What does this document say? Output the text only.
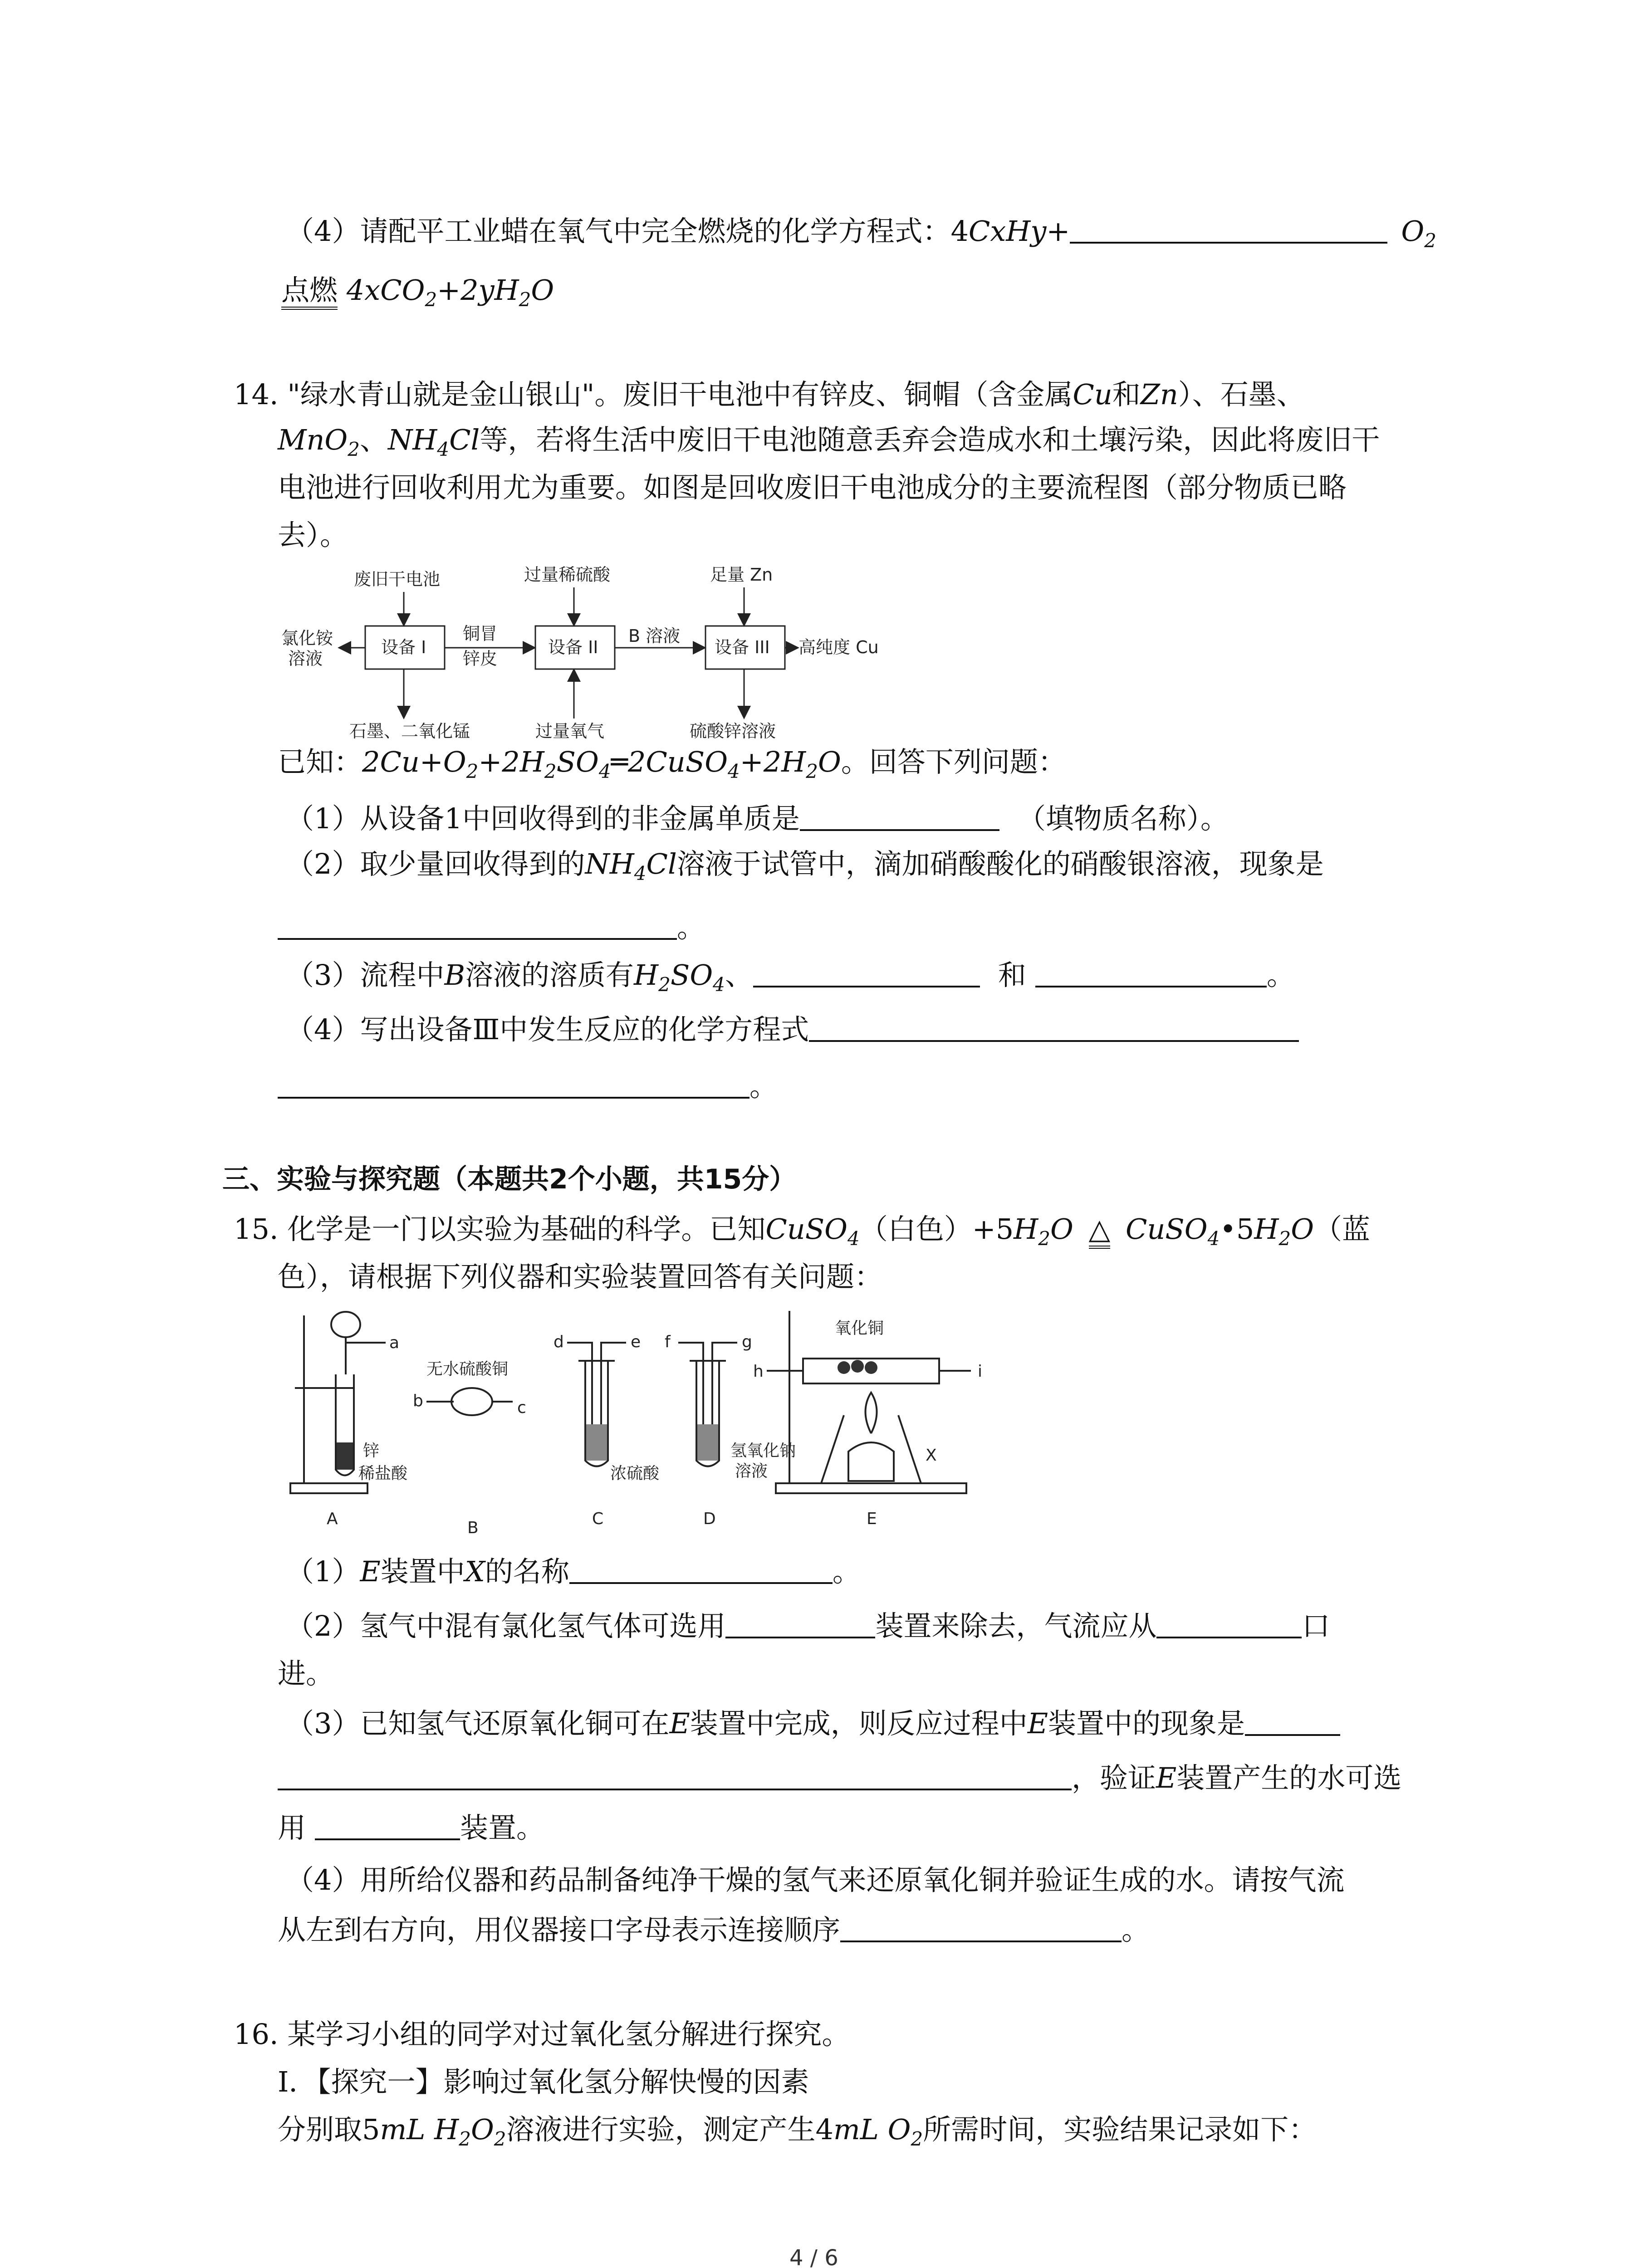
（4）请配平工业蜡在氧气中完全燃烧的化学方程式：4CxHy+	$O_2$
点燃 $4xCO_2+2yH_2O$
14. "绿水青山就是金山银山"。废旧干电池中有锌皮、铜帽（含金属Cu和Zn）、石墨、
MnO$_2$、$NH_4Cl$等，若将生活中废旧干电池随意丢弃会造成水和土壤污染，因此将废旧干
电池进行回收利用尤为重要。如图是回收废旧干电池成分的主要流程图（部分物质已略
去）。
废旧干电池	过量稀硫酸	足量 Zn
氯化铵
溶液
铜冒
锌皮
B 溶液
高纯度 Cu
石墨、二氧化锰	过量氧气	硫酸锌溶液
设备 I	设备 II	设备 III
已知：$2Cu+O_2+2H_2SO_4═2CuSO_4+2H_2O$。回答下列问题：
（1）从设备1中回收得到的非金属单质是	（填物质名称）。
（2）取少量回收得到的$NH_4Cl$溶液于试管中，滴加硝酸酸化的硝酸银溶液，现象是
。
（3）流程中B溶液的溶质有$H_2SO_4$、	和	。
（4）写出设备Ⅲ中发生反应的化学方程式
。
三、实验与探究题（本题共2个小题，共15分）
15. 化学是一门以实验为基础的科学。已知CuSO$_4$（白色）$+5H_2O$ △ $CuSO_4•5H_2O$（蓝
色），请根据下列仪器和实验装置回答有关问题：
A	B	C	D	E
a
b	c
d	e f	g
h	i
X
锌
稀盐酸
无水硫酸铜
浓硫酸
氢氧化钠
溶液
氧化铜
（1）E装置中X的名称	。
（2）氢气中混有氯化氢气体可选用	装置来除去，气流应从	口
进。
（3）已知氢气还原氧化铜可在E装置中完成，则反应过程中E装置中的现象是
，验证E装置产生的水可选
用	装置。
（4）用所给仪器和药品制备纯净干燥的氢气来还原氧化铜并验证生成的水。请按气流
从左到右方向，用仪器接口字母表示连接顺序	。
16. 某学习小组的同学对过氧化氢分解进行探究。
Ⅰ．【探究一】影响过氧化氢分解快慢的因素
分别取5mL $H_2O_2$溶液进行实验，测定产生4mL $O_2$所需时间，实验结果记录如下：
4 / 6
